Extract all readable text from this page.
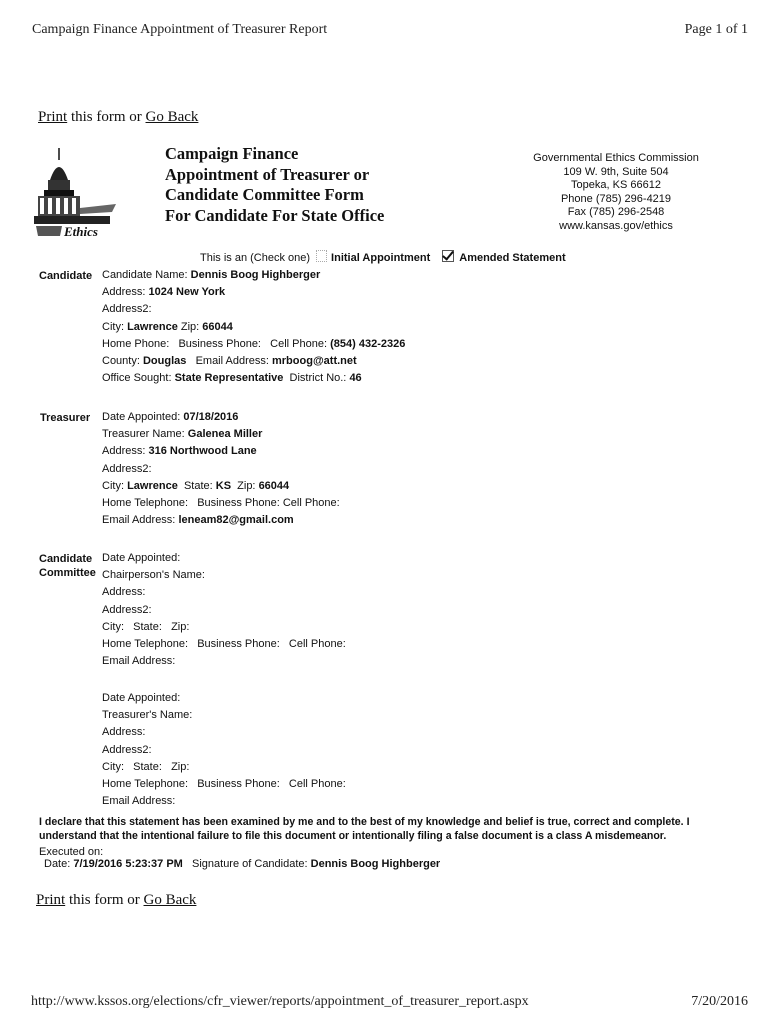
Campaign Finance Appointment of Treasurer Report	Page 1 of 1
Print this form or Go Back
Ethics
Campaign Finance
Appointment of Treasurer or
Candidate Committee Form
For Candidate For State Office
Governmental Ethics Commission
109 W. 9th, Suite 504
Topeka, KS 66612
Phone (785) 296-4219
Fax (785) 296-2548
www.kansas.gov/ethics
This is an (Check one) Initial Appointment	Amended Statement
Candidate Candidate Name: Dennis Boog Highberger
Address: 1024 New York
Address2:
City: Lawrence Zip: 66044
Home Phone: Business Phone: Cell Phone: (854) 432-2326
County: Douglas Email Address: mrboog@att.net
Office Sought: State Representative District No.: 46
Treasurer Date Appointed: 07/18/2016
Treasurer Name: Galenea Miller
Address: 316 Northwood Lane
Address2:
City: Lawrence State: KS Zip: 66044
Home Telephone: Business Phone: Cell Phone:
Email Address: leneam82@gmail.com
Candidate
Committee
Date Appointed:
Chairperson's Name:
Address:
Address2:
City:   State:   Zip:
Home Telephone:   Business Phone:   Cell Phone:
Email Address:
Date Appointed:
Treasurer's Name:
Address:
Address2:
City:   State:   Zip:
Home Telephone:   Business Phone:   Cell Phone:
Email Address:
I declare that this statement has been examined by me and to the best of my knowledge and belief is true, correct and complete. I
understand that the intentional failure to file this document or intentionally filing a false document is a class A misdemeanor.
Executed on:
Date: 7/19/2016 5:23:37 PM Signature of Candidate: Dennis Boog Highberger
Print this form or Go Back
http://www.kssos.org/elections/cfr_viewer/reports/appointment_of_treasurer_report.aspx	7/20/2016
